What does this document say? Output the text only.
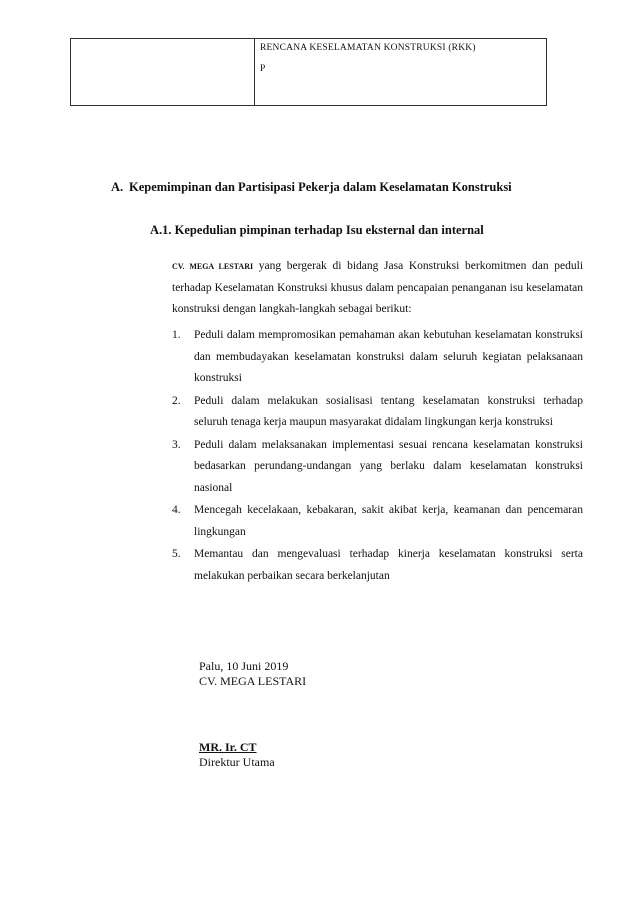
RENCANA KESELAMATAN KONSTRUKSI (RKK)
P
A. Kepemimpinan dan Partisipasi Pekerja dalam Keselamatan Konstruksi
A.1. Kepedulian pimpinan terhadap Isu eksternal dan internal
CV. MEGA LESTARI yang bergerak di bidang Jasa Konstruksi berkomitmen dan peduli terhadap Keselamatan Konstruksi khusus dalam pencapaian penanganan isu keselamatan konstruksi dengan langkah-langkah sebagai berikut:
1. Peduli dalam mempromosikan pemahaman akan kebutuhan keselamatan konstruksi dan membudayakan keselamatan konstruksi dalam seluruh kegiatan pelaksanaan konstruksi
2. Peduli dalam melakukan sosialisasi tentang keselamatan konstruksi terhadap seluruh tenaga kerja maupun masyarakat didalam lingkungan kerja konstruksi
3. Peduli dalam melaksanakan implementasi sesuai rencana keselamatan konstruksi bedasarkan perundang-undangan yang berlaku dalam keselamatan konstruksi nasional
4. Mencegah kecelakaan, kebakaran, sakit akibat kerja, keamanan dan pencemaran lingkungan
5. Memantau dan mengevaluasi terhadap kinerja keselamatan konstruksi serta melakukan perbaikan secara berkelanjutan
Palu, 10 Juni 2019
CV. MEGA LESTARI
MR. Ir. CT
Direktur Utama
